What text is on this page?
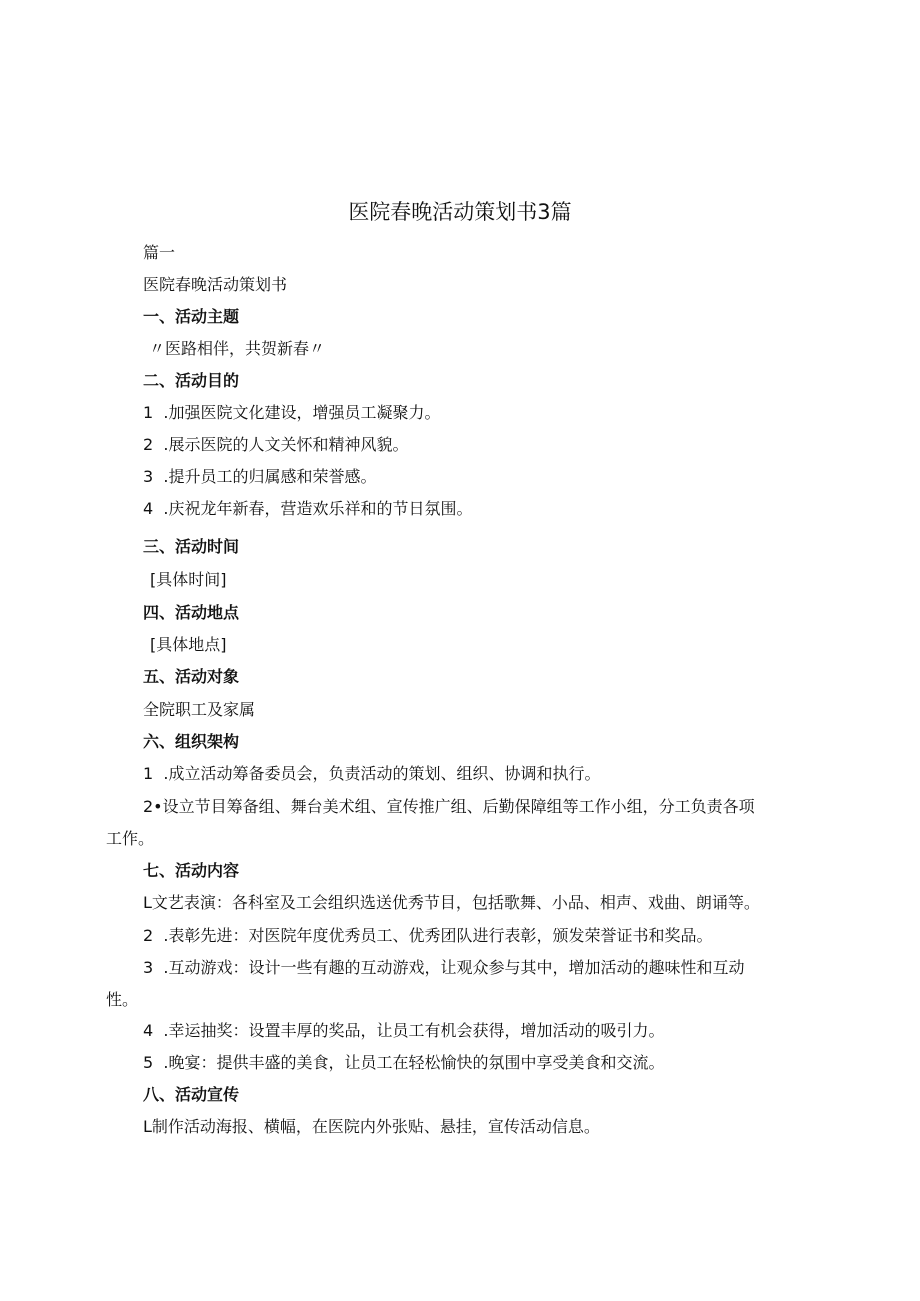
医院春晚活动策划书3篇
篇一
医院春晚活动策划书
一、活动主题
〃医路相伴，共贺新春〃
二、活动目的
1  .加强医院文化建设，增强员工凝聚力。
2  .展示医院的人文关怀和精神风貌。
3  .提升员工的归属感和荣誉感。
4  .庆祝龙年新春，营造欢乐祥和的节日氛围。
三、活动时间
[具体时间]
四、活动地点
[具体地点]
五、活动对象
全院职工及家属
六、组织架构
1  .成立活动筹备委员会，负责活动的策划、组织、协调和执行。
2•设立节目筹备组、舞台美术组、宣传推广组、后勤保障组等工作小组，分工负责各项
工作。
七、活动内容
L文艺表演：各科室及工会组织选送优秀节目，包括歌舞、小品、相声、戏曲、朗诵等。
2  .表彰先进：对医院年度优秀员工、优秀团队进行表彰，颁发荣誉证书和奖品。
3  .互动游戏：设计一些有趣的互动游戏，让观众参与其中，增加活动的趣味性和互动
性。
4  .幸运抽奖：设置丰厚的奖品，让员工有机会获得，增加活动的吸引力。
5  .晚宴：提供丰盛的美食，让员工在轻松愉快的氛围中享受美食和交流。
八、活动宣传
L制作活动海报、横幅，在医院内外张贴、悬挂，宣传活动信息。
